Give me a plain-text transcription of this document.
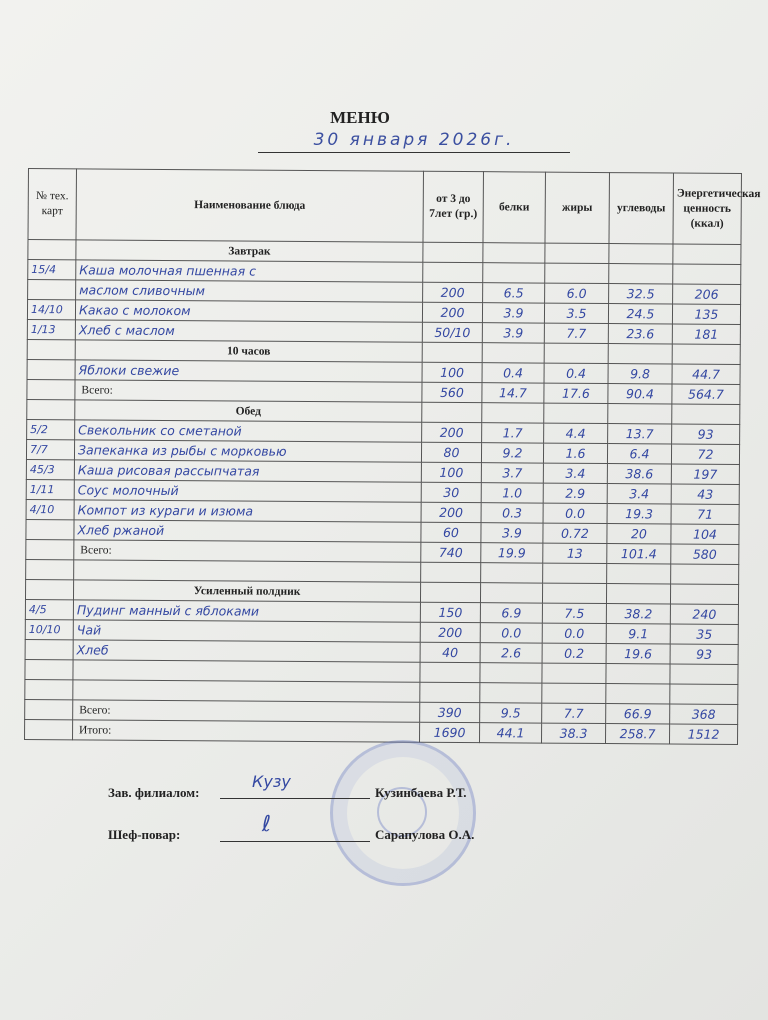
МЕНЮ
30 января 2026г.
№ тех. карт	Наименование блюда	от 3 до 7лет (гр.)	белки	жиры	углеводы	Энергетическая ценность (ккал)
	Завтрак					
15/4	Каша молочная пшенная с					
	маслом сливочным	200	6.5	6.0	32.5	206
14/10	Какао с молоком	200	3.9	3.5	24.5	135
1/13	Хлеб с маслом	50/10	3.9	7.7	23.6	181
	10 часов					
	Яблоки свежие	100	0.4	0.4	9.8	44.7
	Всего:	560	14.7	17.6	90.4	564.7
	Обед					
5/2	Свекольник со сметаной	200	1.7	4.4	13.7	93
7/7	Запеканка из рыбы с морковью	80	9.2	1.6	6.4	72
45/3	Каша рисовая рассыпчатая	100	3.7	3.4	38.6	197
1/11	Соус молочный	30	1.0	2.9	3.4	43
4/10	Компот из кураги и изюма	200	0.3	0.0	19.3	71
	Хлеб ржаной	60	3.9	0.72	20	104
	Всего:	740	19.9	13	101.4	580

	Усиленный полдник					
4/5	Пудинг манный с яблоками	150	6.9	7.5	38.2	240
10/10	Чай	200	0.0	0.0	9.1	35
	Хлеб	40	2.6	0.2	19.6	93

	Всего:	390	9.5	7.7	66.9	368
	Итого:	1690	44.1	38.3	258.7	1512
Зав. филиалом:
Кузу
Кузинбаева Р.Т.
Шеф-повар:	ℓ	Сарапулова О.А.
